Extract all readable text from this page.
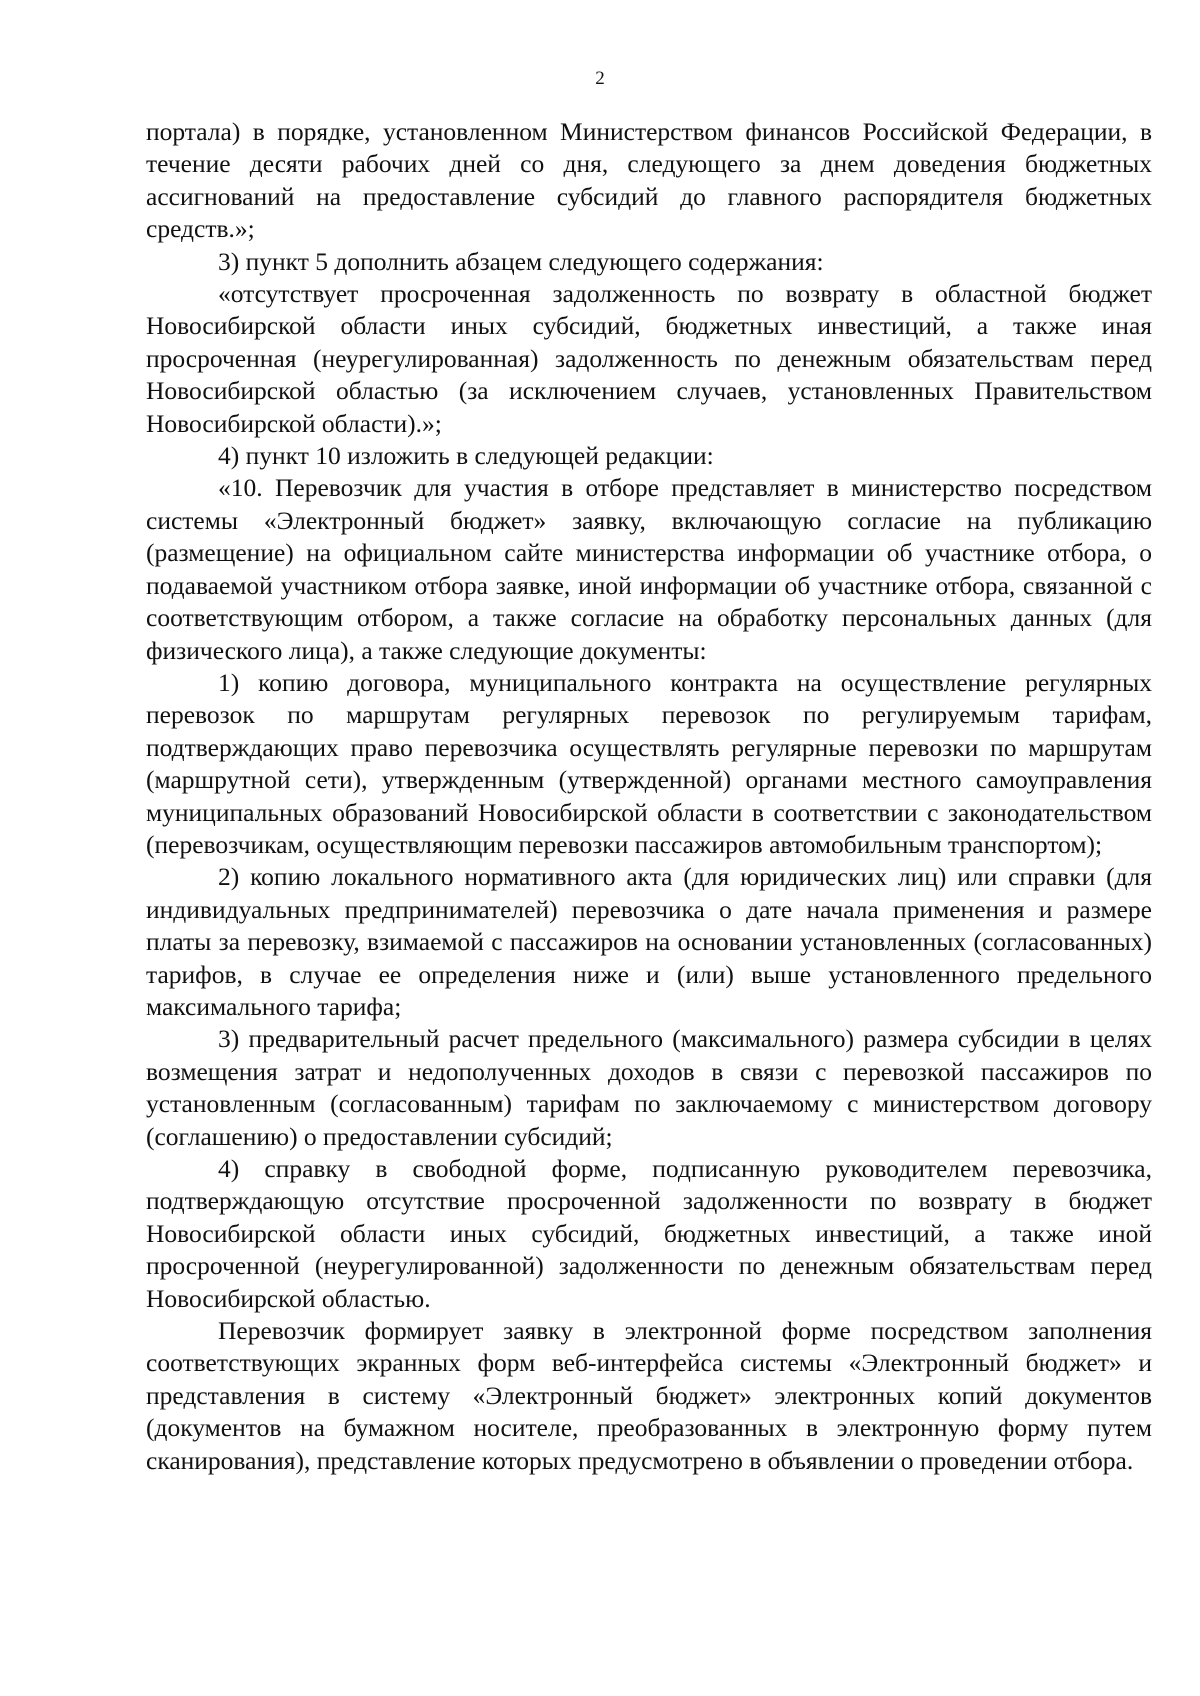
2

портала) в порядке, установленном Министерством финансов Российской Федерации, в течение десяти рабочих дней со дня, следующего за днем доведения бюджетных ассигнований на предоставление субсидий до главного распорядителя бюджетных средств.»;

3) пункт 5 дополнить абзацем следующего содержания:

«отсутствует просроченная задолженность по возврату в областной бюджет Новосибирской области иных субсидий, бюджетных инвестиций, а также иная просроченная (неурегулированная) задолженность по денежным обязательствам перед Новосибирской областью (за исключением случаев, установленных Правительством Новосибирской области).»;

4) пункт 10 изложить в следующей редакции:

«10. Перевозчик для участия в отборе представляет в министерство посредством системы «Электронный бюджет» заявку, включающую согласие на публикацию (размещение) на официальном сайте министерства информации об участнике отбора, о подаваемой участником отбора заявке, иной информации об участнике отбора, связанной с соответствующим отбором, а также согласие на обработку персональных данных (для физического лица), а также следующие документы:

1) копию договора, муниципального контракта на осуществление регулярных перевозок по маршрутам регулярных перевозок по регулируемым тарифам, подтверждающих право перевозчика осуществлять регулярные перевозки по маршрутам (маршрутной сети), утвержденным (утвержденной) органами местного самоуправления муниципальных образований Новосибирской области в соответствии с законодательством (перевозчикам, осуществляющим перевозки пассажиров автомобильным транспортом);

2) копию локального нормативного акта (для юридических лиц) или справки (для индивидуальных предпринимателей) перевозчика о дате начала применения и размере платы за перевозку, взимаемой с пассажиров на основании установленных (согласованных) тарифов, в случае ее определения ниже и (или) выше установленного предельного максимального тарифа;

3) предварительный расчет предельного (максимального) размера субсидии в целях возмещения затрат и недополученных доходов в связи с перевозкой пассажиров по установленным (согласованным) тарифам по заключаемому с министерством договору (соглашению) о предоставлении субсидий;

4) справку в свободной форме, подписанную руководителем перевозчика, подтверждающую отсутствие просроченной задолженности по возврату в бюджет Новосибирской области иных субсидий, бюджетных инвестиций, а также иной просроченной (неурегулированной) задолженности по денежным обязательствам перед Новосибирской областью.

Перевозчик формирует заявку в электронной форме посредством заполнения соответствующих экранных форм веб-интерфейса системы «Электронный бюджет» и представления в систему «Электронный бюджет» электронных копий документов (документов на бумажном носителе, преобразованных в электронную форму путем сканирования), представление которых предусмотрено в объявлении о проведении отбора.
